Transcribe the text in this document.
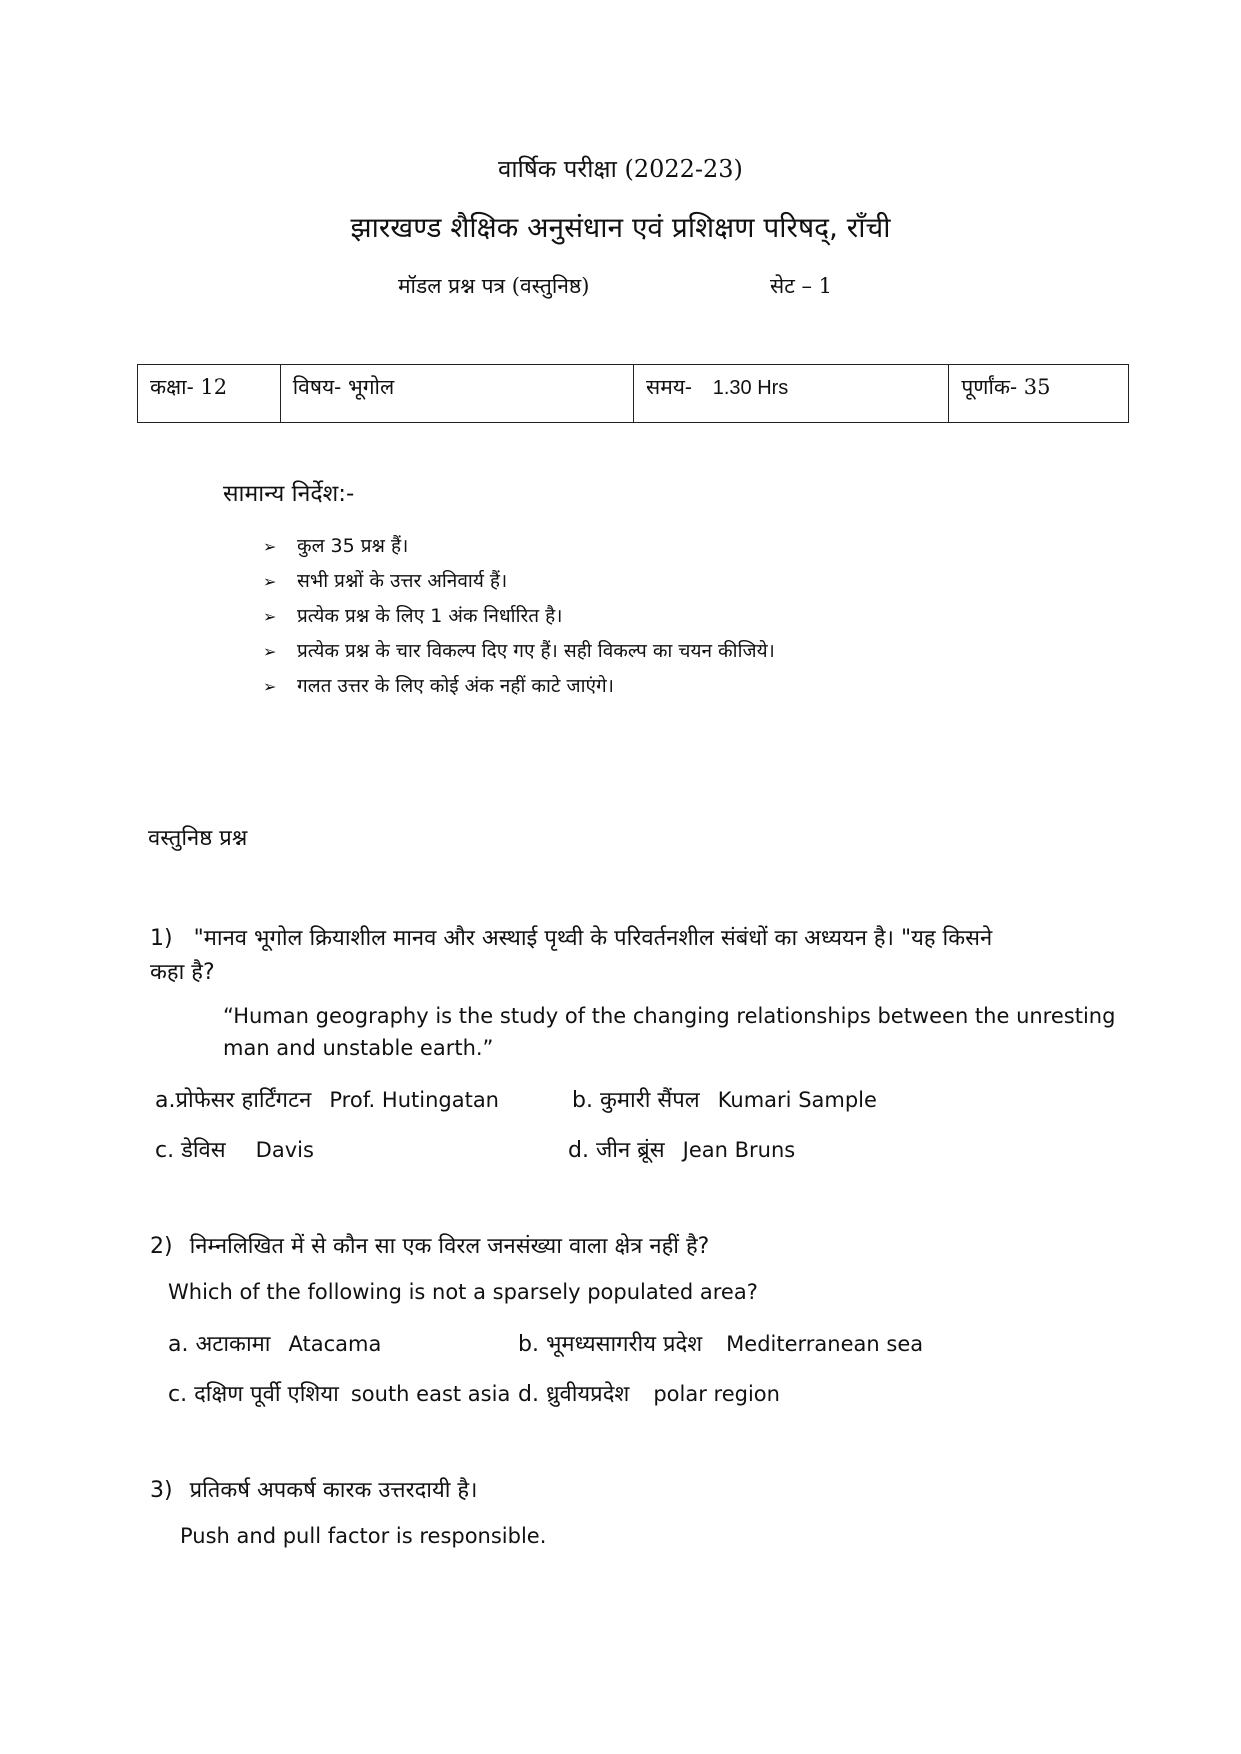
वार्षिक परीक्षा (2022-23)
झारखण्ड शैक्षिक अनुसंधान एवं प्रशिक्षण परिषद्, राँची
मॉडल प्रश्न पत्र (वस्तुनिष्ठ)	सेट – 1
कक्षा- 12	विषय- भूगोल	समय- 1.30 Hrs	पूर्णांक- 35
सामान्य निर्देश:-
➢ कुल 35 प्रश्न हैं।
➢ सभी प्रश्नों के उत्तर अनिवार्य हैं।
➢ प्रत्येक प्रश्न के लिए 1 अंक निर्धारित है।
➢ प्रत्येक प्रश्न के चार विकल्प दिए गए हैं। सही विकल्प का चयन कीजिये।
➢ गलत उत्तर के लिए कोई अंक नहीं काटे जाएंगे।
वस्तुनिष्ठ प्रश्न
1) "मानव भूगोल क्रियाशील मानव और अस्थाई पृथ्वी के परिवर्तनशील संबंधों का अध्ययन है। "यह किसने
कहा है?
“Human geography is the study of the changing relationships between the unresting
man and unstable earth.”
a.प्रोफेसर हार्टिंगटन Prof. Hutingatan	b. कुमारी सैंपल Kumari Sample
c. डेविस Davis	d. जीन ब्रूंस Jean Bruns
2) निम्नलिखित में से कौन सा एक विरल जनसंख्या वाला क्षेत्र नहीं है?
Which of the following is not a sparsely populated area?
a. अटाकामा Atacama	b. भूमध्यसागरीय प्रदेश Mediterranean sea
c. दक्षिण पूर्वी एशिया south east asia d. ध्रुवीयप्रदेश polar region
3) प्रतिकर्ष अपकर्ष कारक उत्तरदायी है।
Push and pull factor is responsible.
